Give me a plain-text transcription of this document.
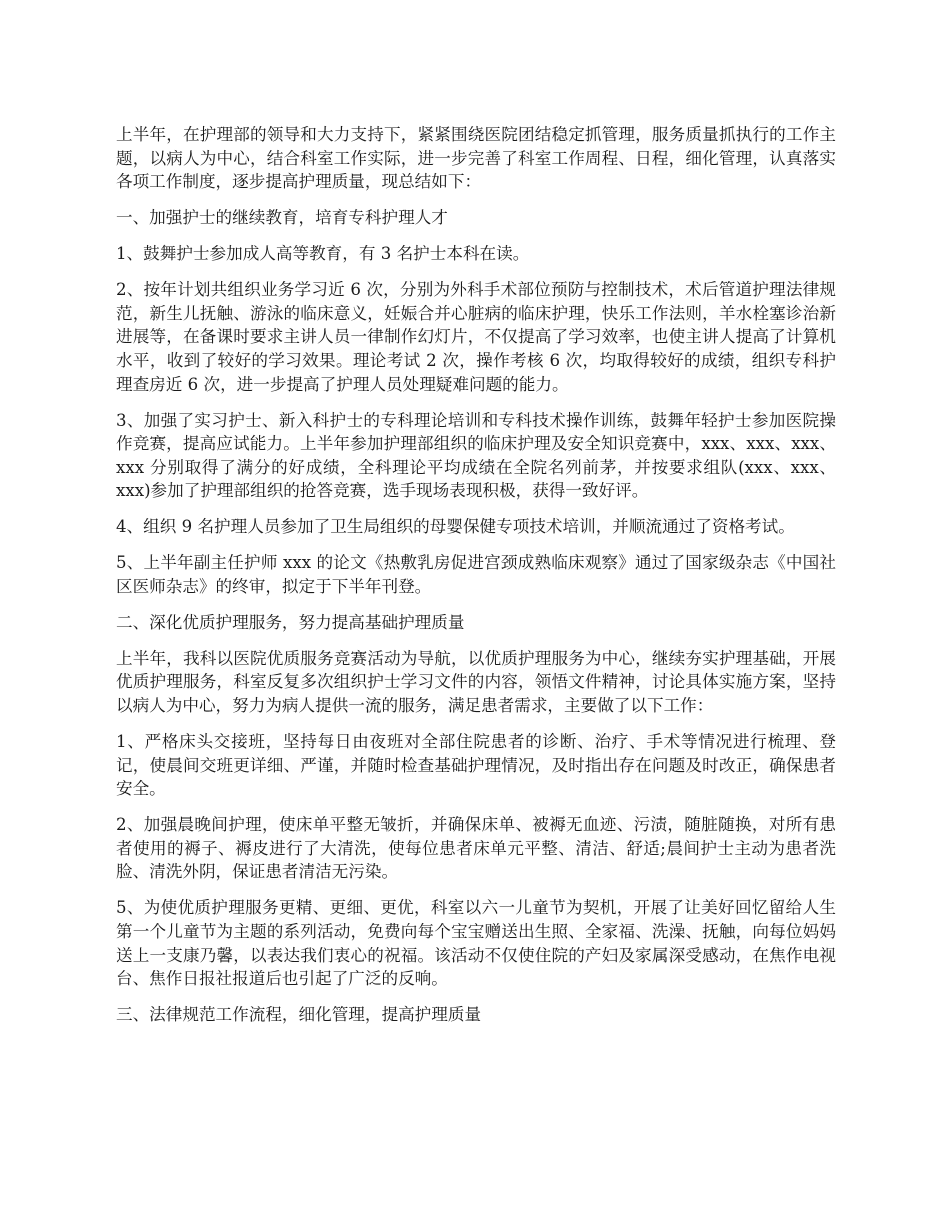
上半年，在护理部的领导和大力支持下，紧紧围绕医院团结稳定抓管理，服务质量抓执行的工作主题，以病人为中心，结合科室工作实际，进一步完善了科室工作周程、日程，细化管理，认真落实各项工作制度，逐步提高护理质量，现总结如下：

一、加强护士的继续教育，培育专科护理人才

1、鼓舞护士参加成人高等教育，有 3 名护士本科在读。

2、按年计划共组织业务学习近 6 次，分别为外科手术部位预防与控制技术，术后管道护理法律规范，新生儿抚触、游泳的临床意义，妊娠合并心脏病的临床护理，快乐工作法则，羊水栓塞诊治新进展等，在备课时要求主讲人员一律制作幻灯片，不仅提高了学习效率，也使主讲人提高了计算机水平，收到了较好的学习效果。理论考试 2 次，操作考核 6 次，均取得较好的成绩，组织专科护理查房近 6 次，进一步提高了护理人员处理疑难问题的能力。

3、加强了实习护士、新入科护士的专科理论培训和专科技术操作训练，鼓舞年轻护士参加医院操作竞赛，提高应试能力。上半年参加护理部组织的临床护理及安全知识竞赛中，xxx、xxx、xxx、xxx 分别取得了满分的好成绩，全科理论平均成绩在全院名列前茅，并按要求组队(xxx、xxx、xxx)参加了护理部组织的抢答竞赛，选手现场表现积极，获得一致好评。

4、组织 9 名护理人员参加了卫生局组织的母婴保健专项技术培训，并顺流通过了资格考试。

5、上半年副主任护师 xxx 的论文《热敷乳房促进宫颈成熟临床观察》通过了国家级杂志《中国社区医师杂志》的终审，拟定于下半年刊登。

二、深化优质护理服务，努力提高基础护理质量

上半年，我科以医院优质服务竞赛活动为导航，以优质护理服务为中心，继续夯实护理基础，开展优质护理服务，科室反复多次组织护士学习文件的内容，领悟文件精神，讨论具体实施方案，坚持以病人为中心，努力为病人提供一流的服务，满足患者需求，主要做了以下工作：

1、严格床头交接班，坚持每日由夜班对全部住院患者的诊断、治疗、手术等情况进行梳理、登记，使晨间交班更详细、严谨，并随时检查基础护理情况，及时指出存在问题及时改正，确保患者安全。

2、加强晨晚间护理，使床单平整无皱折，并确保床单、被褥无血迹、污渍，随脏随换，对所有患者使用的褥子、褥皮进行了大清洗，使每位患者床单元平整、清洁、舒适;晨间护士主动为患者洗脸、清洗外阴，保证患者清洁无污染。

5、为使优质护理服务更精、更细、更优，科室以六一儿童节为契机，开展了让美好回忆留给人生第一个儿童节为主题的系列活动，免费向每个宝宝赠送出生照、全家福、洗澡、抚触，向每位妈妈送上一支康乃馨，以表达我们衷心的祝福。该活动不仅使住院的产妇及家属深受感动，在焦作电视台、焦作日报社报道后也引起了广泛的反响。

三、法律规范工作流程，细化管理，提高护理质量
